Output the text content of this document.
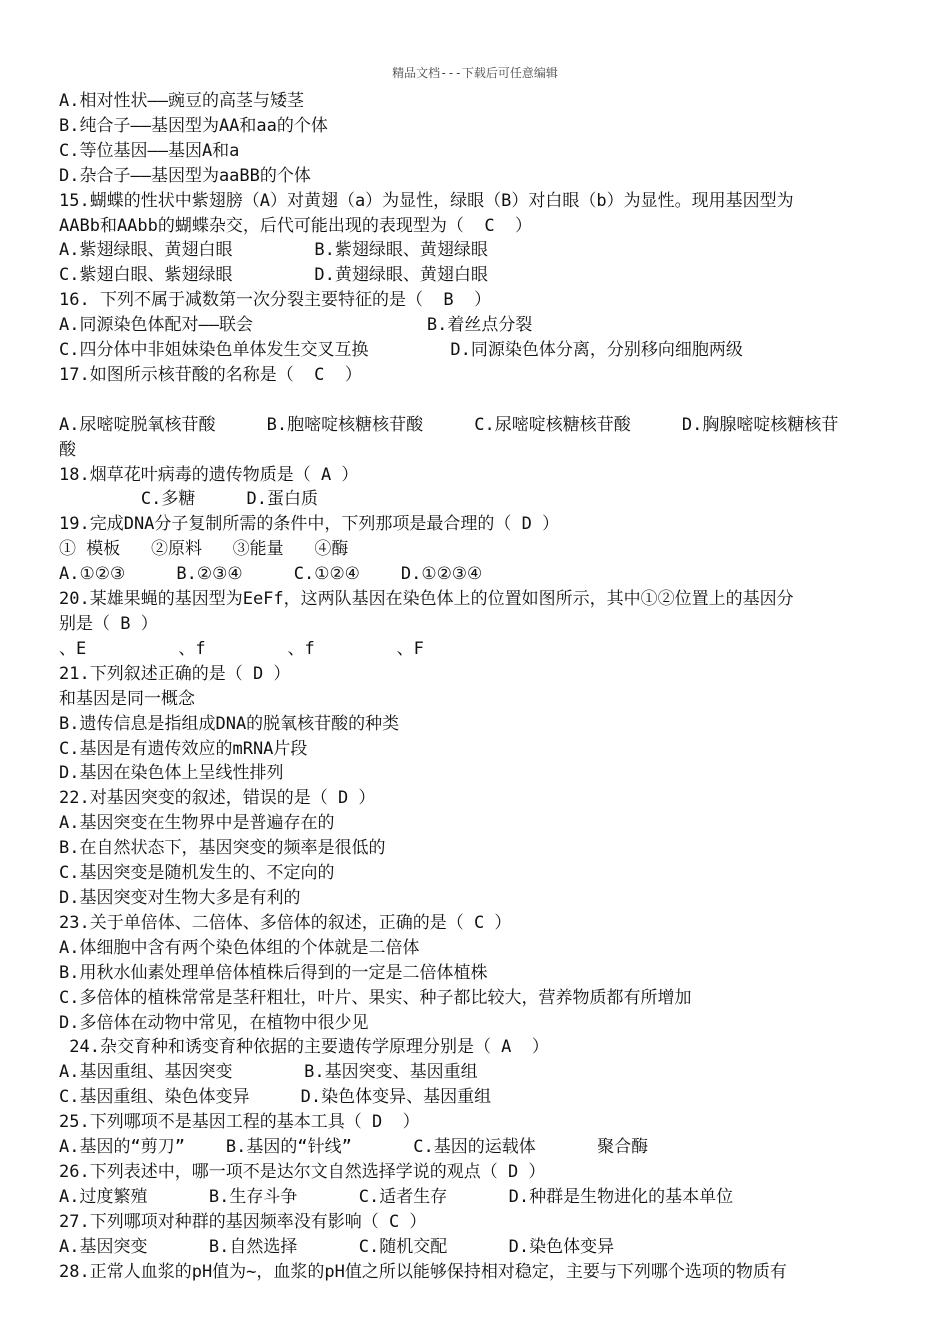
精品文档---下载后可任意编辑
A.相对性状——豌豆的高茎与矮茎
B.纯合子——基因型为AA和aa的个体
C.等位基因——基因A和a
D.杂合子——基因型为aaBB的个体
15.蝴蝶的性状中紫翅膀（A）对黄翅（a）为显性，绿眼（B）对白眼（b）为显性。现用基因型为
AABb和AAbb的蝴蝶杂交，后代可能出现的表现型为（  C  ）
A.紫翅绿眼、黄翅白眼        B.紫翅绿眼、黄翅绿眼
C.紫翅白眼、紫翅绿眼        D.黄翅绿眼、黄翅白眼
16. 下列不属于减数第一次分裂主要特征的是（  B  ）
A.同源染色体配对——联会                 B.着丝点分裂
C.四分体中非姐妹染色单体发生交叉互换        D.同源染色体分离，分别移向细胞两级
17.如图所示核苷酸的名称是（  C  ）
A.尿嘧啶脱氧核苷酸     B.胞嘧啶核糖核苷酸     C.尿嘧啶核糖核苷酸     D.胸腺嘧啶核糖核苷
酸
18.烟草花叶病毒的遗传物质是（ A ）
C.多糖     D.蛋白质
19.完成DNA分子复制所需的条件中，下列那项是最合理的（ D ）
① 模板   ②原料   ③能量   ④酶
A.①②③     B.②③④     C.①②④    D.①②③④
20.某雄果蝇的基因型为EeFf，这两队基因在染色体上的位置如图所示，其中①②位置上的基因分
别是（ B ）
、E         、f        、f        、F
21.下列叙述正确的是（ D ）
和基因是同一概念
B.遗传信息是指组成DNA的脱氧核苷酸的种类
C.基因是有遗传效应的mRNA片段
D.基因在染色体上呈线性排列
22.对基因突变的叙述，错误的是（ D ）
A.基因突变在生物界中是普遍存在的
B.在自然状态下，基因突变的频率是很低的
C.基因突变是随机发生的、不定向的
D.基因突变对生物大多是有利的
23.关于单倍体、二倍体、多倍体的叙述，正确的是（ C ）
A.体细胞中含有两个染色体组的个体就是二倍体
B.用秋水仙素处理单倍体植株后得到的一定是二倍体植株
C.多倍体的植株常常是茎秆粗壮，叶片、果实、种子都比较大，营养物质都有所增加
D.多倍体在动物中常见，在植物中很少见
24.杂交育种和诱变育种依据的主要遗传学原理分别是（ A  ）
A.基因重组、基因突变       B.基因突变、基因重组
C.基因重组、染色体变异     D.染色体变异、基因重组
25.下列哪项不是基因工程的基本工具（ D  ）
A.基因的“剪刀”    B.基因的“针线”      C.基因的运载体      聚合酶
26.下列表述中，哪一项不是达尔文自然选择学说的观点（ D ）
A.过度繁殖      B.生存斗争      C.适者生存      D.种群是生物进化的基本单位
27.下列哪项对种群的基因频率没有影响（ C ）
A.基因突变      B.自然选择      C.随机交配      D.染色体变异
28.正常人血浆的pH值为~，血浆的pH值之所以能够保持相对稳定，主要与下列哪个选项的物质有
